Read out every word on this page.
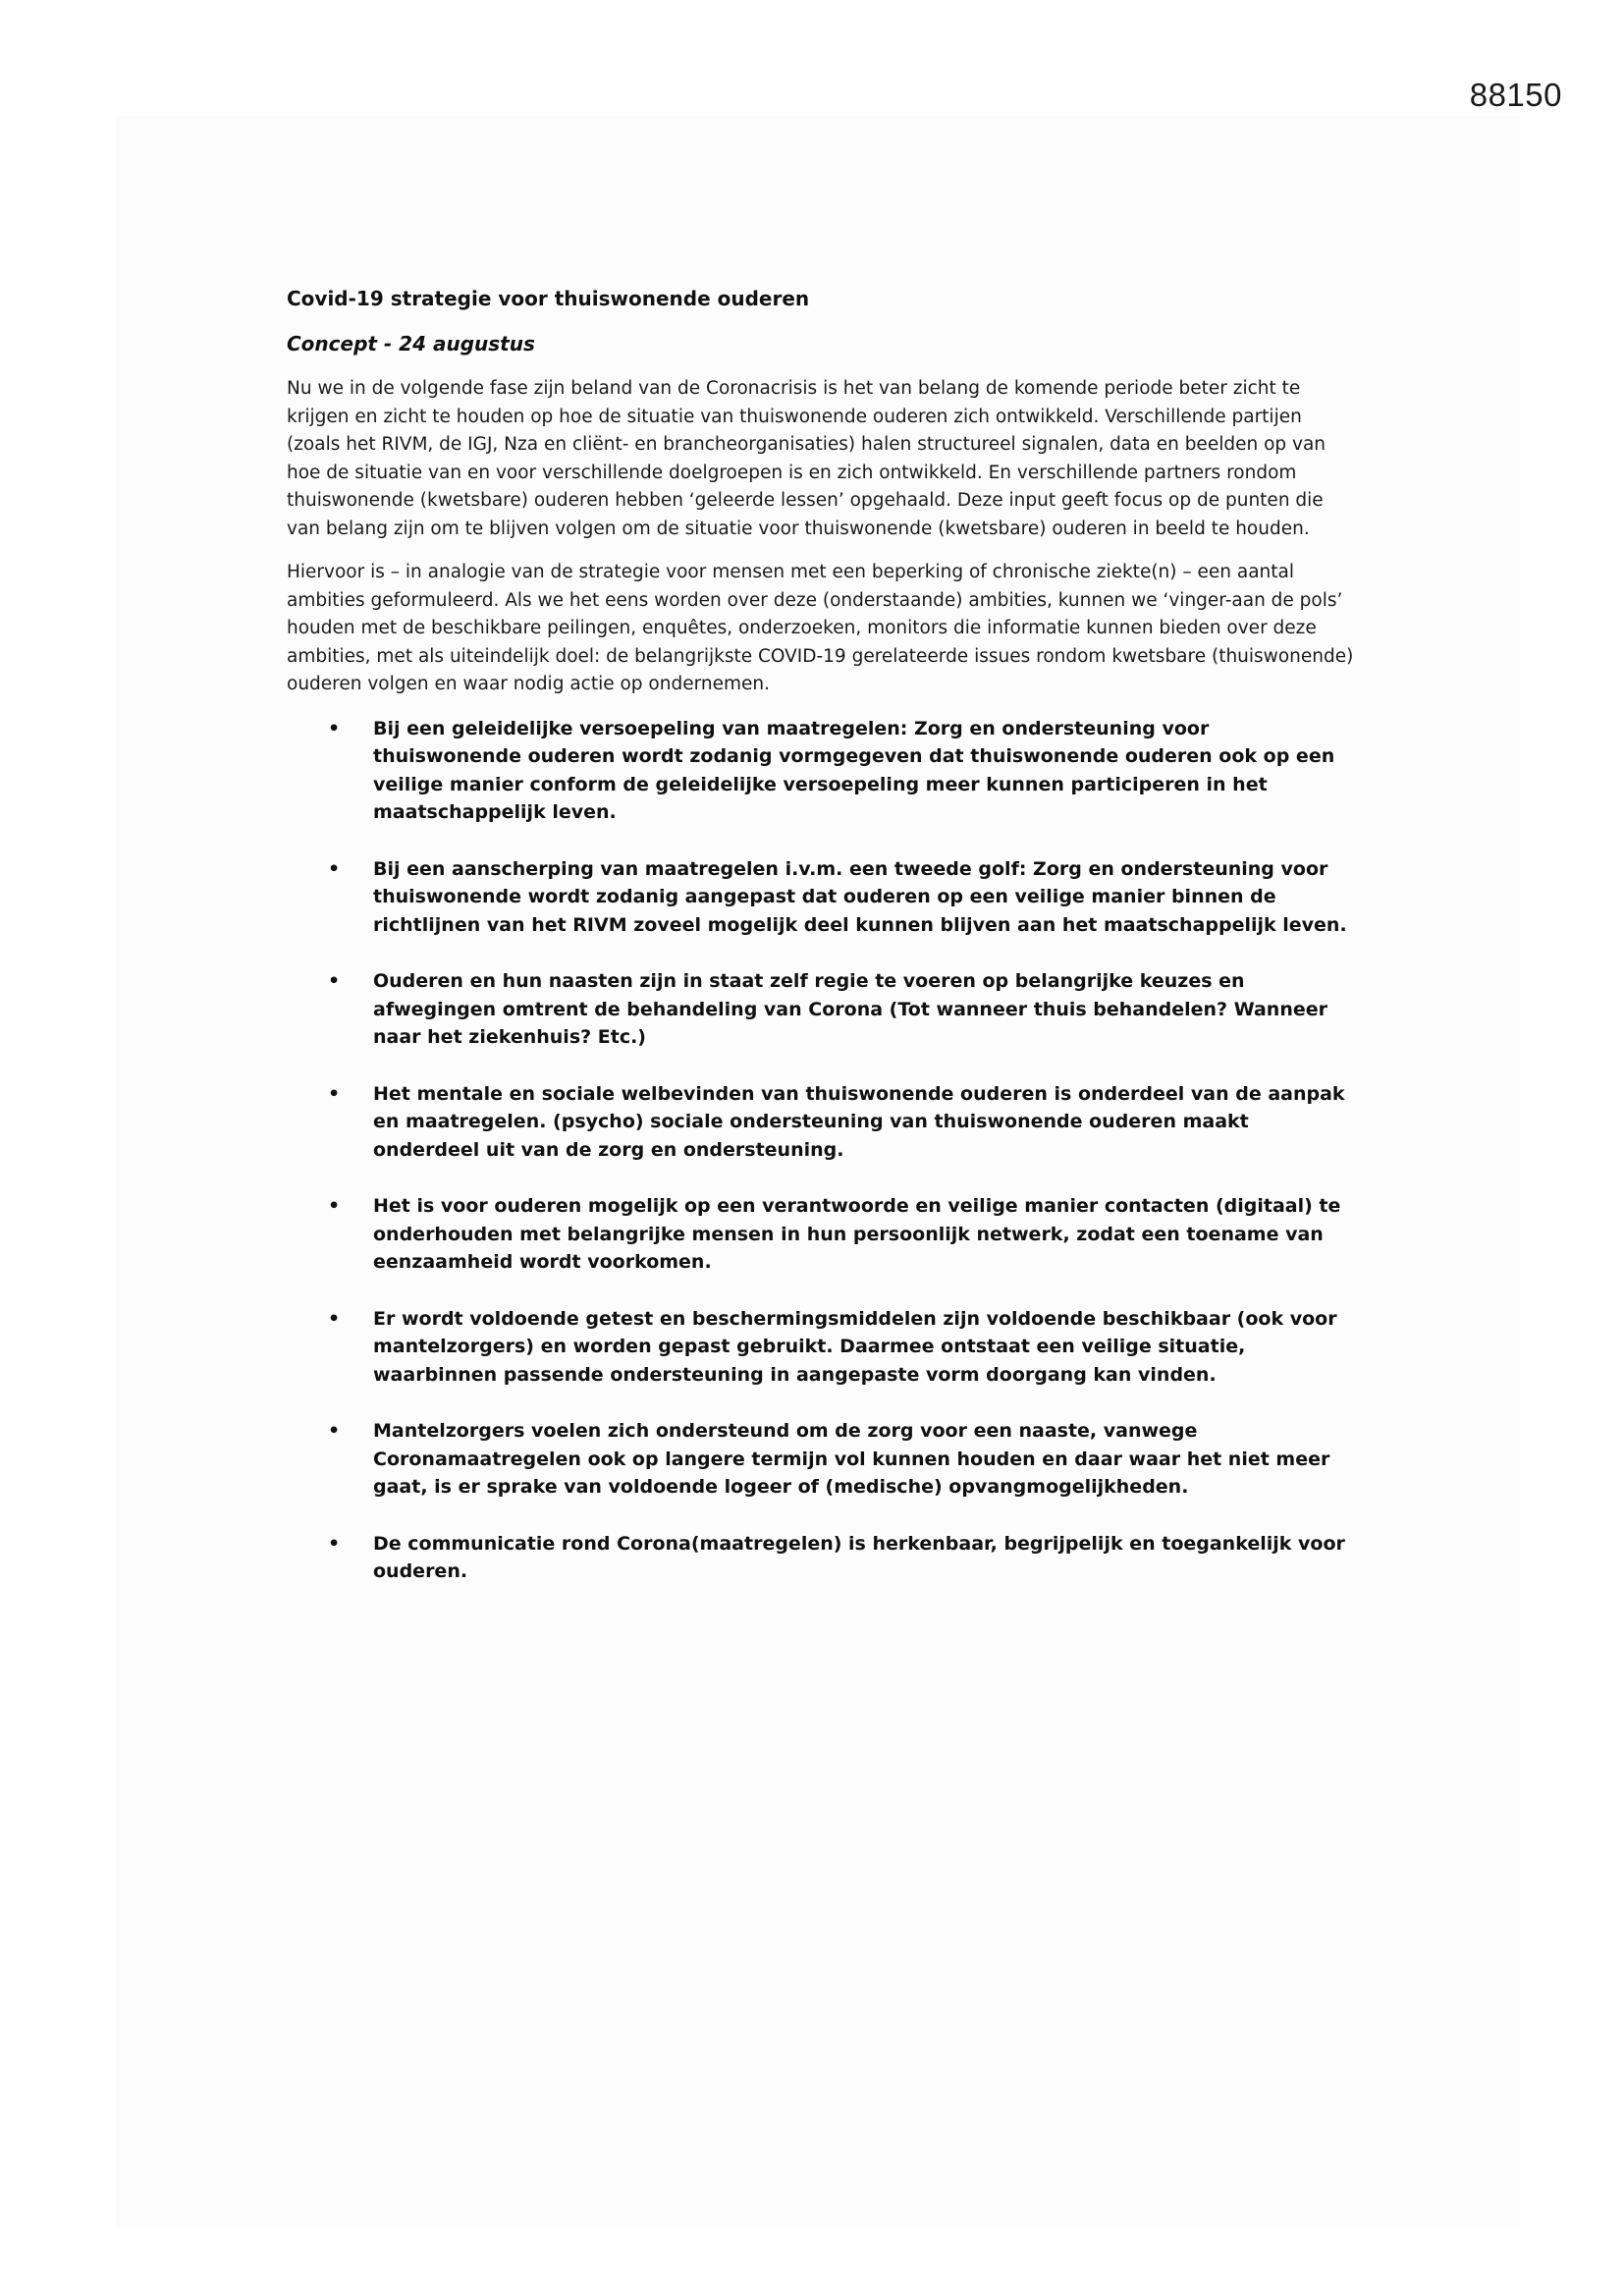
88150
Covid-19 strategie voor thuiswonende ouderen
Concept - 24 augustus

Nu we in de volgende fase zijn beland van de Coronacrisis is het van belang de komende periode beter zicht te krijgen en zicht te houden op hoe de situatie van thuiswonende ouderen zich ontwikkeld. Verschillende partijen (zoals het RIVM, de IGJ, Nza en cliënt- en brancheorganisaties) halen structureel signalen, data en beelden op van hoe de situatie van en voor verschillende doelgroepen is en zich ontwikkeld. En verschillende partners rondom thuiswonende (kwetsbare) ouderen hebben ‘geleerde lessen’ opgehaald. Deze input geeft focus op de punten die van belang zijn om te blijven volgen om de situatie voor thuiswonende (kwetsbare) ouderen in beeld te houden.

Hiervoor is – in analogie van de strategie voor mensen met een beperking of chronische ziekte(n) – een aantal ambities geformuleerd. Als we het eens worden over deze (onderstaande) ambities, kunnen we ‘vinger-aan de pols’ houden met de beschikbare peilingen, enquêtes, onderzoeken, monitors die informatie kunnen bieden over deze ambities, met als uiteindelijk doel: de belangrijkste COVID-19 gerelateerde issues rondom kwetsbare (thuiswonende) ouderen volgen en waar nodig actie op ondernemen.

• Bij een geleidelijke versoepeling van maatregelen: Zorg en ondersteuning voor thuiswonende ouderen wordt zodanig vormgegeven dat thuiswonende ouderen ook op een veilige manier conform de geleidelijke versoepeling meer kunnen participeren in het maatschappelijk leven.
• Bij een aanscherping van maatregelen i.v.m. een tweede golf: Zorg en ondersteuning voor thuiswonende wordt zodanig aangepast dat ouderen op een veilige manier binnen de richtlijnen van het RIVM zoveel mogelijk deel kunnen blijven aan het maatschappelijk leven.
• Ouderen en hun naasten zijn in staat zelf regie te voeren op belangrijke keuzes en afwegingen omtrent de behandeling van Corona (Tot wanneer thuis behandelen? Wanneer naar het ziekenhuis? Etc.)
• Het mentale en sociale welbevinden van thuiswonende ouderen is onderdeel van de aanpak en maatregelen. (psycho) sociale ondersteuning van thuiswonende ouderen maakt onderdeel uit van de zorg en ondersteuning.
• Het is voor ouderen mogelijk op een verantwoorde en veilige manier contacten (digitaal) te onderhouden met belangrijke mensen in hun persoonlijk netwerk, zodat een toename van eenzaamheid wordt voorkomen.
• Er wordt voldoende getest en beschermingsmiddelen zijn voldoende beschikbaar (ook voor mantelzorgers) en worden gepast gebruikt. Daarmee ontstaat een veilige situatie, waarbinnen passende ondersteuning in aangepaste vorm doorgang kan vinden.
• Mantelzorgers voelen zich ondersteund om de zorg voor een naaste, vanwege Coronamaatregelen ook op langere termijn vol kunnen houden en daar waar het niet meer gaat, is er sprake van voldoende logeer of (medische) opvangmogelijkheden.
• De communicatie rond Corona(maatregelen) is herkenbaar, begrijpelijk en toegankelijk voor ouderen.
